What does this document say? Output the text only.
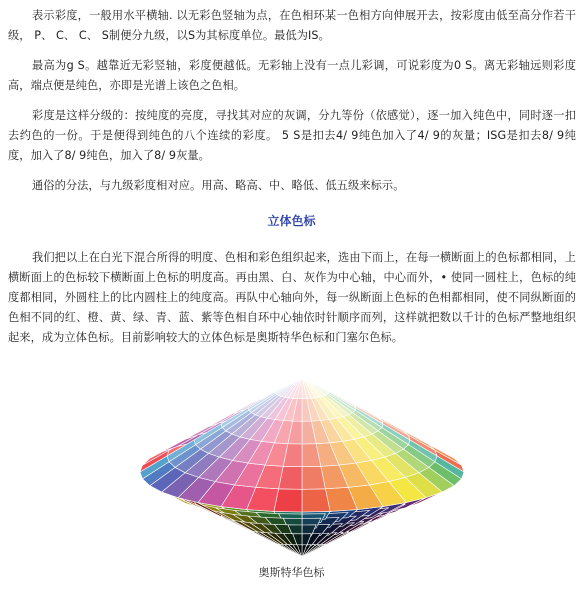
表示彩度，一般用水平横轴. 以无彩色竖轴为点，在色相环某一色相方向伸展开去，按彩度由低至高分作若干级， P、 C、 C、 S制便分九级，以S为其标度单位。最低为IS。

最高为g S。越靠近无彩竖轴，彩度便越低。无彩轴上没有一点儿彩调，可说彩度为0 S。离无彩轴远则彩度高，端点便是纯色，亦即是光谱上该色之色相。

彩度是这样分级的：按纯度的亮度，寻找其对应的灰调，分九等份（依感觉），逐一加入纯色中，同时逐一扣去约色的一份。于是便得到纯色的八个连续的彩度。 5 S是扣去4/ 9纯色加入了4/ 9的灰量；ISG是扣去8/ 9纯度，加入了8/ 9纯色，加入了8/ 9灰量。

通俗的分法，与九级彩度相对应。用高、略高、中、略低、低五级来标示。

立体色标

我们把以上在白光下混合所得的明度、色相和彩色组织起来，选由下而上，在每一横断面上的色标都相同，上横断面上的色标较下横断面上色标的明度高。再由黑、白、灰作为中心轴，中心而外，• 使同一圆柱上，色标的纯度都相同，外圆柱上的比内圆柱上的纯度高。再队中心轴向外，每一纵断面上色标的色相都相同，使不同纵断面的色相不同的红、橙、黄、绿、青、蓝、紫等色相自环中心轴依时针顺序而列，这样就把数以千计的色标严整地组织起来，成为立体色标。目前影响较大的立体色标是奥斯特华色标和门塞尔色标。

奥斯特华色标
